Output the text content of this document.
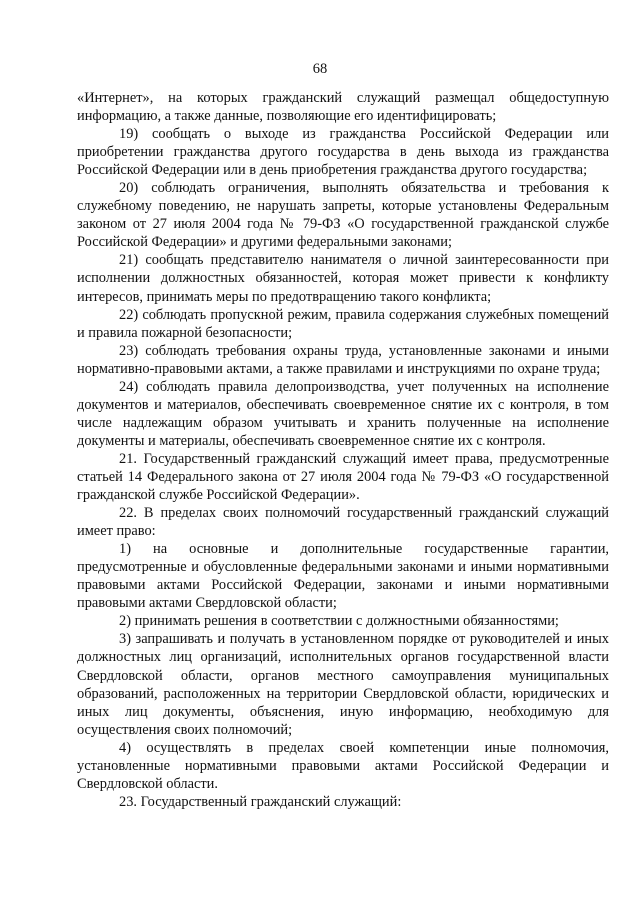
68

«Интернет», на которых гражданский служащий размещал общедоступную информацию, а также данные, позволяющие его идентифицировать;

19) сообщать о выходе из гражданства Российской Федерации или приобретении гражданства другого государства в день выхода из гражданства Российской Федерации или в день приобретения гражданства другого государства;

20) соблюдать ограничения, выполнять обязательства и требования к служебному поведению, не нарушать запреты, которые установлены Федеральным законом от 27 июля 2004 года № 79-ФЗ «О государственной гражданской службе Российской Федерации» и другими федеральными законами;

21) сообщать представителю нанимателя о личной заинтересованности при исполнении должностных обязанностей, которая может привести к конфликту интересов, принимать меры по предотвращению такого конфликта;

22) соблюдать пропускной режим, правила содержания служебных помещений и правила пожарной безопасности;

23) соблюдать требования охраны труда, установленные законами и иными нормативно-правовыми актами, а также правилами и инструкциями по охране труда;

24) соблюдать правила делопроизводства, учет полученных на исполнение документов и материалов, обеспечивать своевременное снятие их с контроля, в том числе надлежащим образом учитывать и хранить полученные на исполнение документы и материалы, обеспечивать своевременное снятие их с контроля.

21. Государственный гражданский служащий имеет права, предусмотренные статьей 14 Федерального закона от 27 июля 2004 года № 79-ФЗ «О государственной гражданской службе Российской Федерации».

22. В пределах своих полномочий государственный гражданский служащий имеет право:

1) на основные и дополнительные государственные гарантии, предусмотренные и обусловленные федеральными законами и иными нормативными правовыми актами Российской Федерации, законами и иными нормативными правовыми актами Свердловской области;

2) принимать решения в соответствии с должностными обязанностями;

3) запрашивать и получать в установленном порядке от руководителей и иных должностных лиц организаций, исполнительных органов государственной власти Свердловской области, органов местного самоуправления муниципальных образований, расположенных на территории Свердловской области, юридических и иных лиц документы, объяснения, иную информацию, необходимую для осуществления своих полномочий;

4) осуществлять в пределах своей компетенции иные полномочия, установленные нормативными правовыми актами Российской Федерации и Свердловской области.

23. Государственный гражданский служащий:
